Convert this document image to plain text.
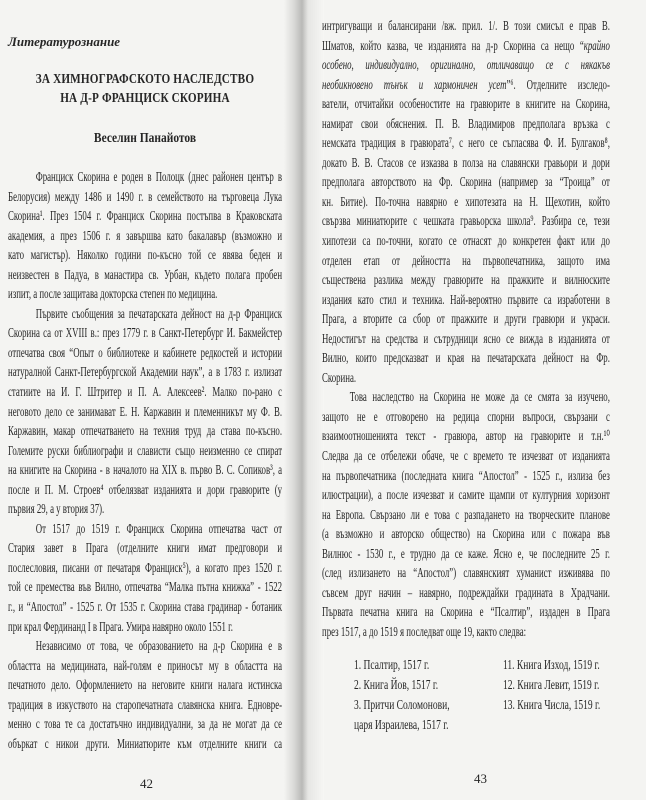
Литературознание
ЗА ХИМНОГРАФСКОТО НАСЛЕДСТВО
НА Д-Р ФРАНЦИСК СКОРИНА
Веселин Панайотов
Франциск Скорина е роден в Полоцк (днес районен център в
Белорусия) между 1486 и 1490 г. в семейството на търговеца Лука
Скорина¹. През 1504 г. Франциск Скорина постъпва в Краковската
академия, а през 1506 г. я завършва като бакалавър (възможно и
като магистър). Няколко години по-късно той се явява беден и
неизвестен в Падуа, в манастира св. Урбан, където полага пробен
изпит, а после защитава докторска степен по медицина.
Първите съобщения за печатарската дейност на д-р Франциск
Скорина са от XVIII в.: през 1779 г. в Санкт-Петербург И. Бакмейстер
отпечатва своя “Опыт о библиотеке и кабинете редкостей и истории
натуралной Санкт-Петербургской Академии наук”, а в 1783 г. излизат
статиите на И. Г. Штритер и П. А. Алексеев². Малко по-рано с
неговото дело се занимават Е. Н. Каржавин и племенникът му Ф. В.
Каржавин, макар отпечатването на техния труд да става по-късно.
Големите руски библиографи и слависти също неизменно се спират
на книгите на Скорина - в началото на XIX в. първо В. С. Сопиков³, а
после и П. М. Строев⁴ отбелязват изданията и дори гравюрите (у
първия 29, а у втория 37).
От 1517 до 1519 г. Франциск Скорина отпечатва част от
Стария завет в Прага (отделните книги имат предговори и
послесловия, писани от печатаря Франциск⁵), а когато през 1520 г.
той се премества във Вилно, отпечатва “Малка пътна книжка” - 1522
г., и “Апостол” - 1525 г. От 1535 г. Скорина става градинар - ботаник
при крал Фердинанд I в Прага. Умира навярно около 1551 г.
Независимо от това, че образованието на д-р Скорина е в
областта на медицината, най-голям е приносът му в областта на
печатното дело. Оформлението на неговите книги налага истинска
традиция в изкуството на старопечатната славянска книга. Едновре-
менно с това те са достатъчно индивидуални, за да не могат да се
объркат с никои други. Миниатюрите към отделните книги са
42
интригуващи и балансирани /вж. прил. 1/. В този смисъл е прав В.
Шматов, който казва, че изданията на д-р Скорина са нещо “крайно
особено, индивидуално, оригинално, отличаващо се с някакъв
необикновено тънък и хармоничен усет”⁶. Отделните изследо-
ватели, отчитайки особеностите на гравюрите в книгите на Скорина,
намират свои обяснения. П. В. Владимиров предполага връзка с
немската традиция в гравюрата⁷, с него се съгласява Ф. И. Булгаков⁸,
докато В. В. Стасов се изказва в полза на славянски гравьори и дори
предполага авторството на Фр. Скорина (например за “Троица” от
кн. Битие). По-точна навярно е хипотезата на Н. Щехотин, който
свързва миниатюрите с чешката гравьорска школа⁹. Разбира се, тези
хипотези са по-точни, когато се отнасят до конкретен факт или до
отделен етап от дейността на първопечатника, защото има
съществена разлика между гравюрите на пражките и вилнюските
издания като стил и техника. Най-вероятно първите са изработени в
Прага, а вторите са сбор от пражките и други гравюри и украси.
Недостигът на средства и сътрудници ясно се вижда в изданията от
Вилно, които предсказват и края на печатарската дейност на Фр.
Скорина.
Това наследство на Скорина не може да се смята за изучено,
защото не е отговорено на редица спорни въпроси, свързани с
взаимоотношенията текст - гравюра, автор на гравюрите и т.н.¹⁰
Следва да се отбележи обаче, че с времето те изчезват от изданията
на първопечатника (последната книга “Апостол” - 1525 г., излиза без
илюстрации), а после изчезват и самите щампи от културния хоризонт
на Европа. Свързано ли е това с разпадането на творческите планове
(а възможно и авторско общество) на Скорина или с пожара във
Вилнюс - 1530 г., е трудно да се каже. Ясно е, че последните 25 г.
(след излизането на “Апостол”) славянският хуманист изживява по
съвсем друг начин – навярно, подреждайки градината в Храдчани.
Първата печатна книга на Скорина е “Псалтир”, издаден в Прага
през 1517, а до 1519 я последват още 19, както следва:
1. Псалтир, 1517 г.
2. Книга Йов, 1517 г.
3. Притчи Соломонови,
царя Израилева, 1517 г.
11. Книга Изход, 1519 г.
12. Книга Левит, 1519 г.
13. Книга Числа, 1519 г.
43
